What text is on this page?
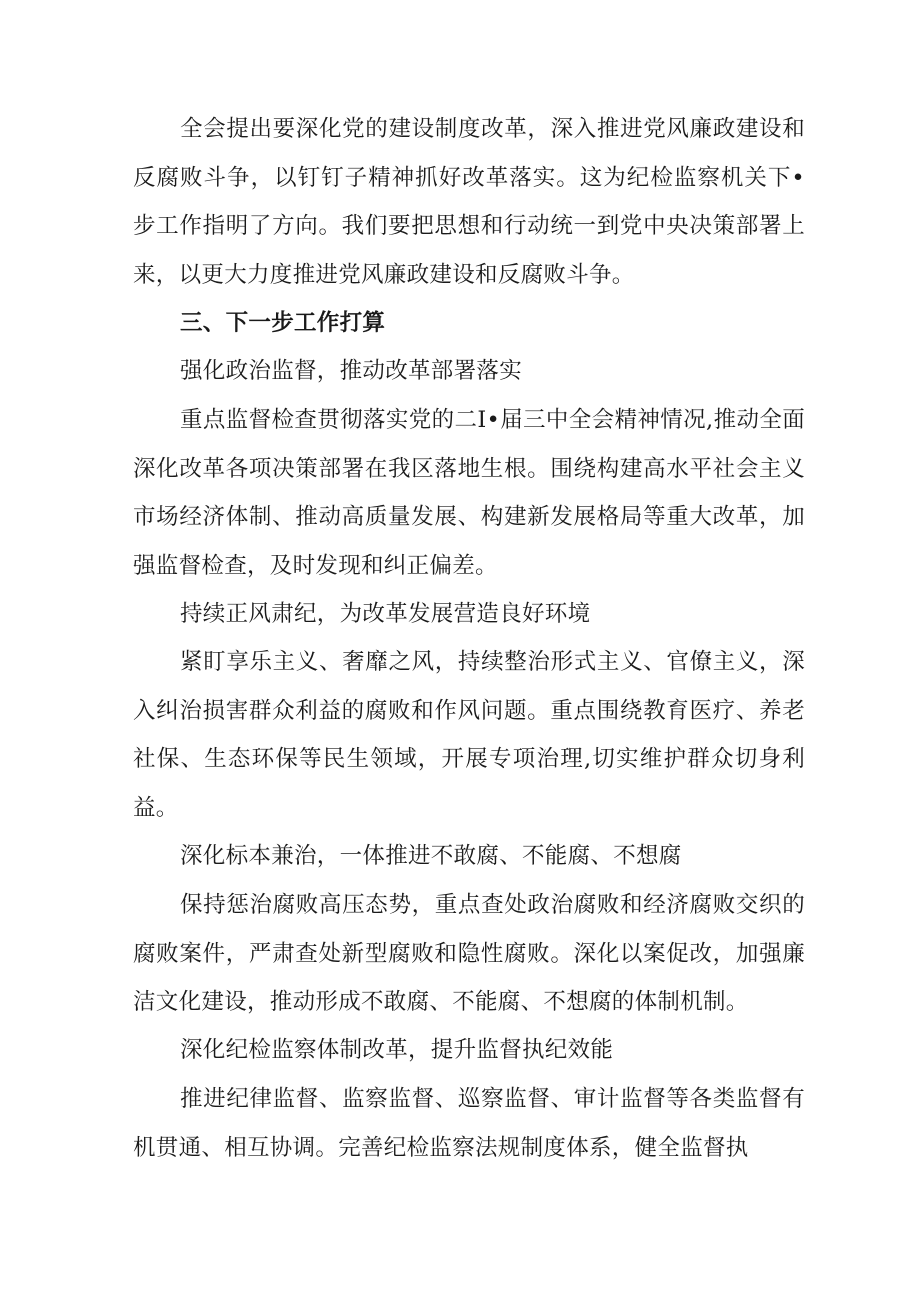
全会提出要深化党的建设制度改革，深入推进党风廉政建设和反腐败斗争，以钉钉子精神抓好改革落实。这为纪检监察机关下•步工作指明了方向。我们要把思想和行动统一到党中央决策部署上来，以更大力度推进党风廉政建设和反腐败斗争。

三、下一步工作打算

强化政治监督，推动改革部署落实

重点监督检查贯彻落实党的二I•届三中全会精神情况,推动全面深化改革各项决策部署在我区落地生根。围绕构建高水平社会主义市场经济体制、推动高质量发展、构建新发展格局等重大改革，加强监督检查，及时发现和纠正偏差。

持续正风肃纪，为改革发展营造良好环境

紧盯享乐主义、奢靡之风，持续整治形式主义、官僚主义，深入纠治损害群众利益的腐败和作风问题。重点围绕教育医疗、养老社保、生态环保等民生领域，开展专项治理,切实维护群众切身利益。

深化标本兼治，一体推进不敢腐、不能腐、不想腐

保持惩治腐败高压态势，重点查处政治腐败和经济腐败交织的腐败案件，严肃查处新型腐败和隐性腐败。深化以案促改，加强廉洁文化建设，推动形成不敢腐、不能腐、不想腐的体制机制。

深化纪检监察体制改革，提升监督执纪效能

推进纪律监督、监察监督、巡察监督、审计监督等各类监督有机贯通、相互协调。完善纪检监察法规制度体系，健全监督执
